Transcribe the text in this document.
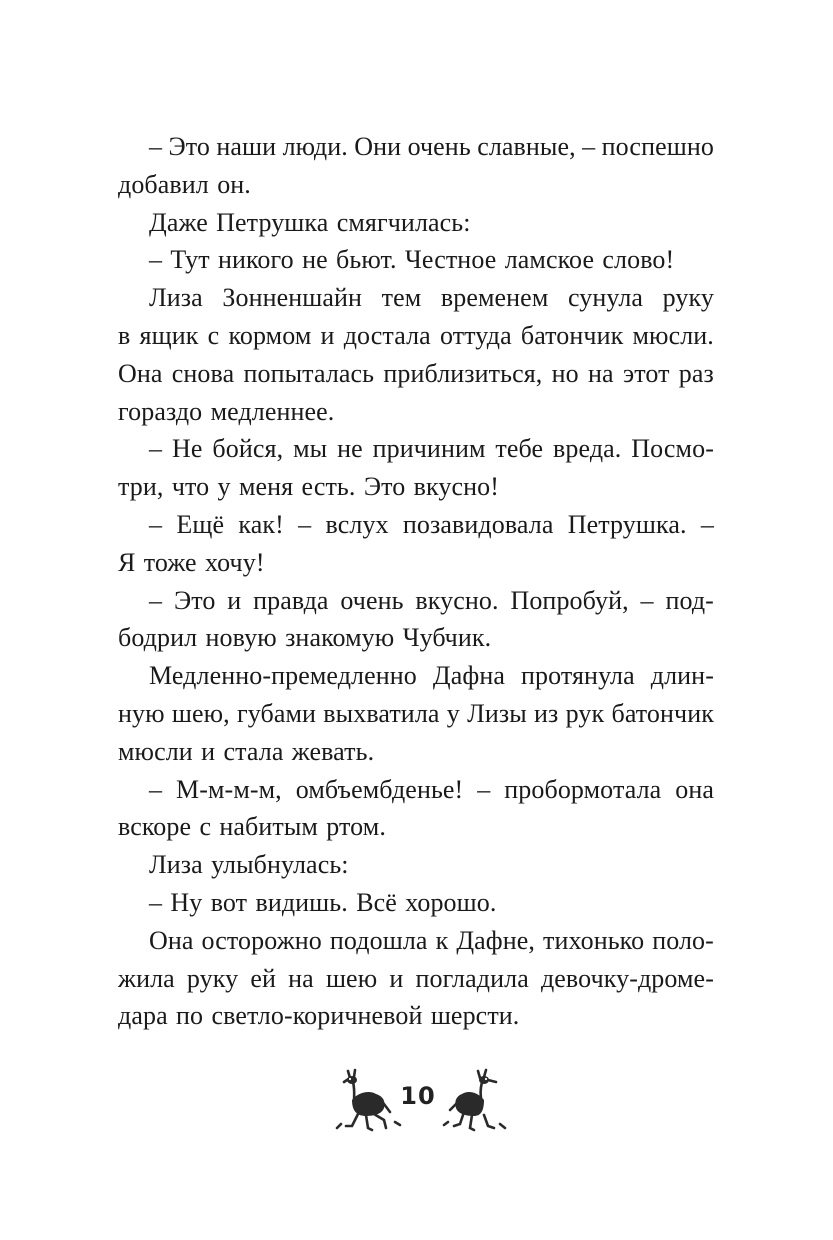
– Это наши люди. Они очень славные, – поспешно
добавил он.
Даже Петрушка смягчилась:
– Тут никого не бьют. Честное ламское слово!
Лиза Зонненшайн тем временем сунула руку
в ящик с кормом и достала оттуда батончик мюсли.
Она снова попыталась приблизиться, но на этот раз
гораздо медленнее.
– Не бойся, мы не причиним тебе вреда. Посмо-
три, что у меня есть. Это вкусно!
– Ещё как! – вслух позавидовала Петрушка. –
Я тоже хочу!
– Это и правда очень вкусно. Попробуй, – под-
бодрил новую знакомую Чубчик.
Медленно-премедленно Дафна протянула длин-
ную шею, губами выхватила у Лизы из рук батончик
мюсли и стала жевать.
– М-м-м-м, омбъембденье! – пробормотала она
вскоре с набитым ртом.
Лиза улыбнулась:
– Ну вот видишь. Всё хорошо.
Она осторожно подошла к Дафне, тихонько поло-
жила руку ей на шею и погладила девочку-дроме-
дара по светло-коричневой шерсти.
10
